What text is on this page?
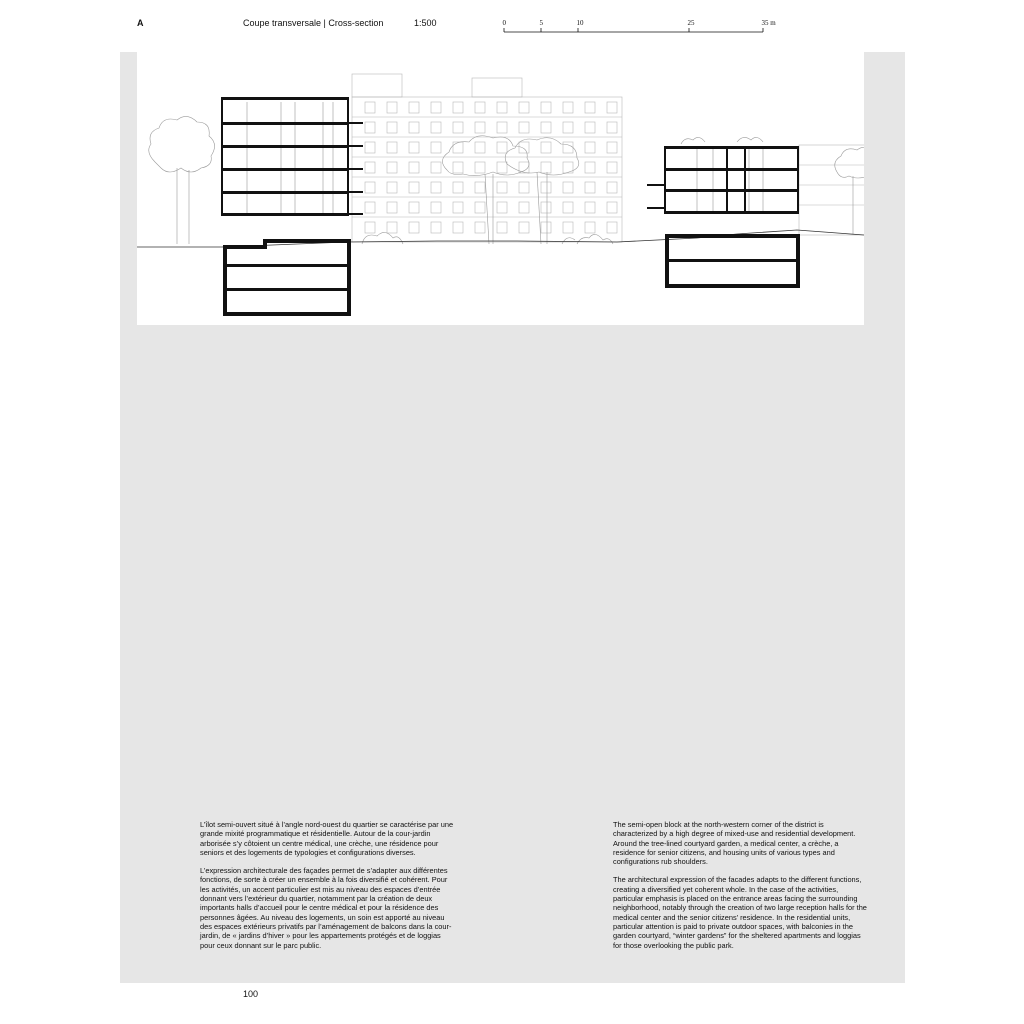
A	Coupe transversale | Cross-section	1:500	0	5	10	25	35 m

L’îlot semi-ouvert situé à l’angle nord-ouest du quartier se caractérise par une grande mixité programmatique et résidentielle. Autour de la cour-jardin arborisée s’y côtoient un centre médical, une crèche, une résidence pour seniors et des logements de typologies et configurations diverses.

L’expression architecturale des façades permet de s’adapter aux différentes fonctions, de sorte à créer un ensemble à la fois diversifié et cohérent. Pour les activités, un accent particulier est mis au niveau des espaces d’entrée donnant vers l’extérieur du quartier, notamment par la création de deux importants halls d’accueil pour le centre médical et pour la résidence des personnes âgées. Au niveau des logements, un soin est apporté au niveau des espaces extérieurs privatifs par l’aménagement de balcons dans la cour-jardin, de « jardins d’hiver » pour les appartements protégés et de loggias pour ceux donnant sur le parc public.

The semi-open block at the north-western corner of the district is characterized by a high degree of mixed-use and residential development. Around the tree-lined courtyard garden, a medical center, a crèche, a residence for senior citizens, and housing units of various types and configurations rub shoulders.

The architectural expression of the facades adapts to the different functions, creating a diversified yet coherent whole. In the case of the activities, particular emphasis is placed on the entrance areas facing the surrounding neighborhood, notably through the creation of two large reception halls for the medical center and the senior citizens’ residence. In the residential units, particular attention is paid to private outdoor spaces, with balconies in the garden courtyard, “winter gardens” for the sheltered apartments and loggias for those overlooking the public park.

100
